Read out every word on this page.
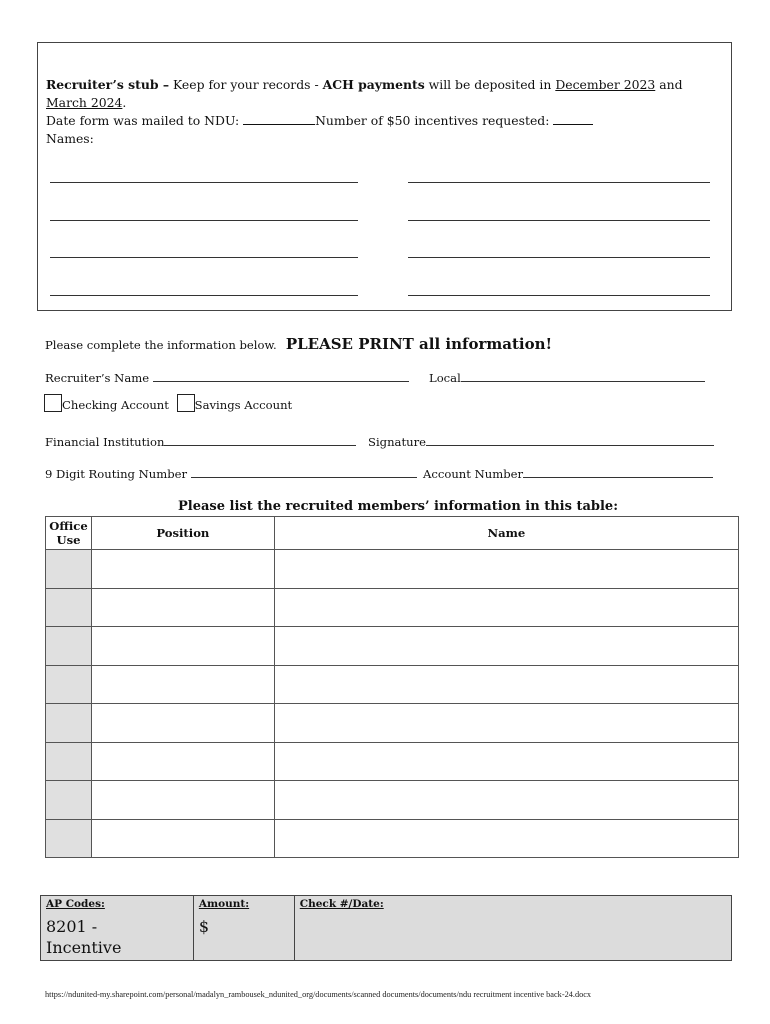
Recruiter’s stub – Keep for your records - ACH payments will be deposited in December 2023 and
March 2024.
Date form was mailed to NDU:	Number of $50 incentives requested:
Names:
Please complete the information below. PLEASE PRINT all information!
Recruiter’s Name	Local
Checking Account Savings Account
Financial Institution	Signature
9 Digit Routing Number	Account Number
Please list the recruited members’ information in this table:
Office
Use	Position	Name

AP Codes:
8201 -
Incentive

Amount:
$

Check #/Date:
https://ndunited-my.sharepoint.com/personal/madalyn_rambousek_ndunited_org/documents/scanned documents/documents/ndu recruitment incentive back-24.docx
